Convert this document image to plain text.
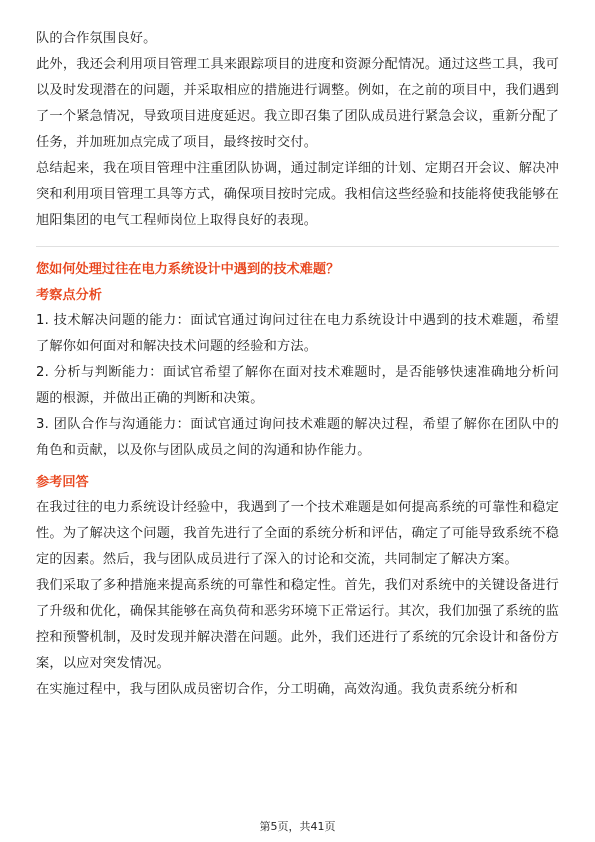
队的合作氛围良好。

此外，我还会利用项目管理工具来跟踪项目的进度和资源分配情况。通过这些工具，我可以及时发现潜在的问题，并采取相应的措施进行调整。例如，在之前的项目中，我们遇到了一个紧急情况，导致项目进度延迟。我立即召集了团队成员进行紧急会议，重新分配了任务，并加班加点完成了项目，最终按时交付。

总结起来，我在项目管理中注重团队协调，通过制定详细的计划、定期召开会议、解决冲突和利用项目管理工具等方式，确保项目按时完成。我相信这些经验和技能将使我能够在旭阳集团的电气工程师岗位上取得良好的表现。

您如何处理过往在电力系统设计中遇到的技术难题？

考察点分析

1. 技术解决问题的能力：面试官通过询问过往在电力系统设计中遇到的技术难题，希望了解你如何面对和解决技术问题的经验和方法。

2. 分析与判断能力：面试官希望了解你在面对技术难题时，是否能够快速准确地分析问题的根源，并做出正确的判断和决策。

3. 团队合作与沟通能力：面试官通过询问技术难题的解决过程，希望了解你在团队中的角色和贡献，以及你与团队成员之间的沟通和协作能力。

参考回答

在我过往的电力系统设计经验中，我遇到了一个技术难题是如何提高系统的可靠性和稳定性。为了解决这个问题，我首先进行了全面的系统分析和评估，确定了可能导致系统不稳定的因素。然后，我与团队成员进行了深入的讨论和交流，共同制定了解决方案。

我们采取了多种措施来提高系统的可靠性和稳定性。首先，我们对系统中的关键设备进行了升级和优化，确保其能够在高负荷和恶劣环境下正常运行。其次，我们加强了系统的监控和预警机制，及时发现并解决潜在问题。此外，我们还进行了系统的冗余设计和备份方案，以应对突发情况。

在实施过程中，我与团队成员密切合作，分工明确，高效沟通。我负责系统分析和

第5页，共41页
